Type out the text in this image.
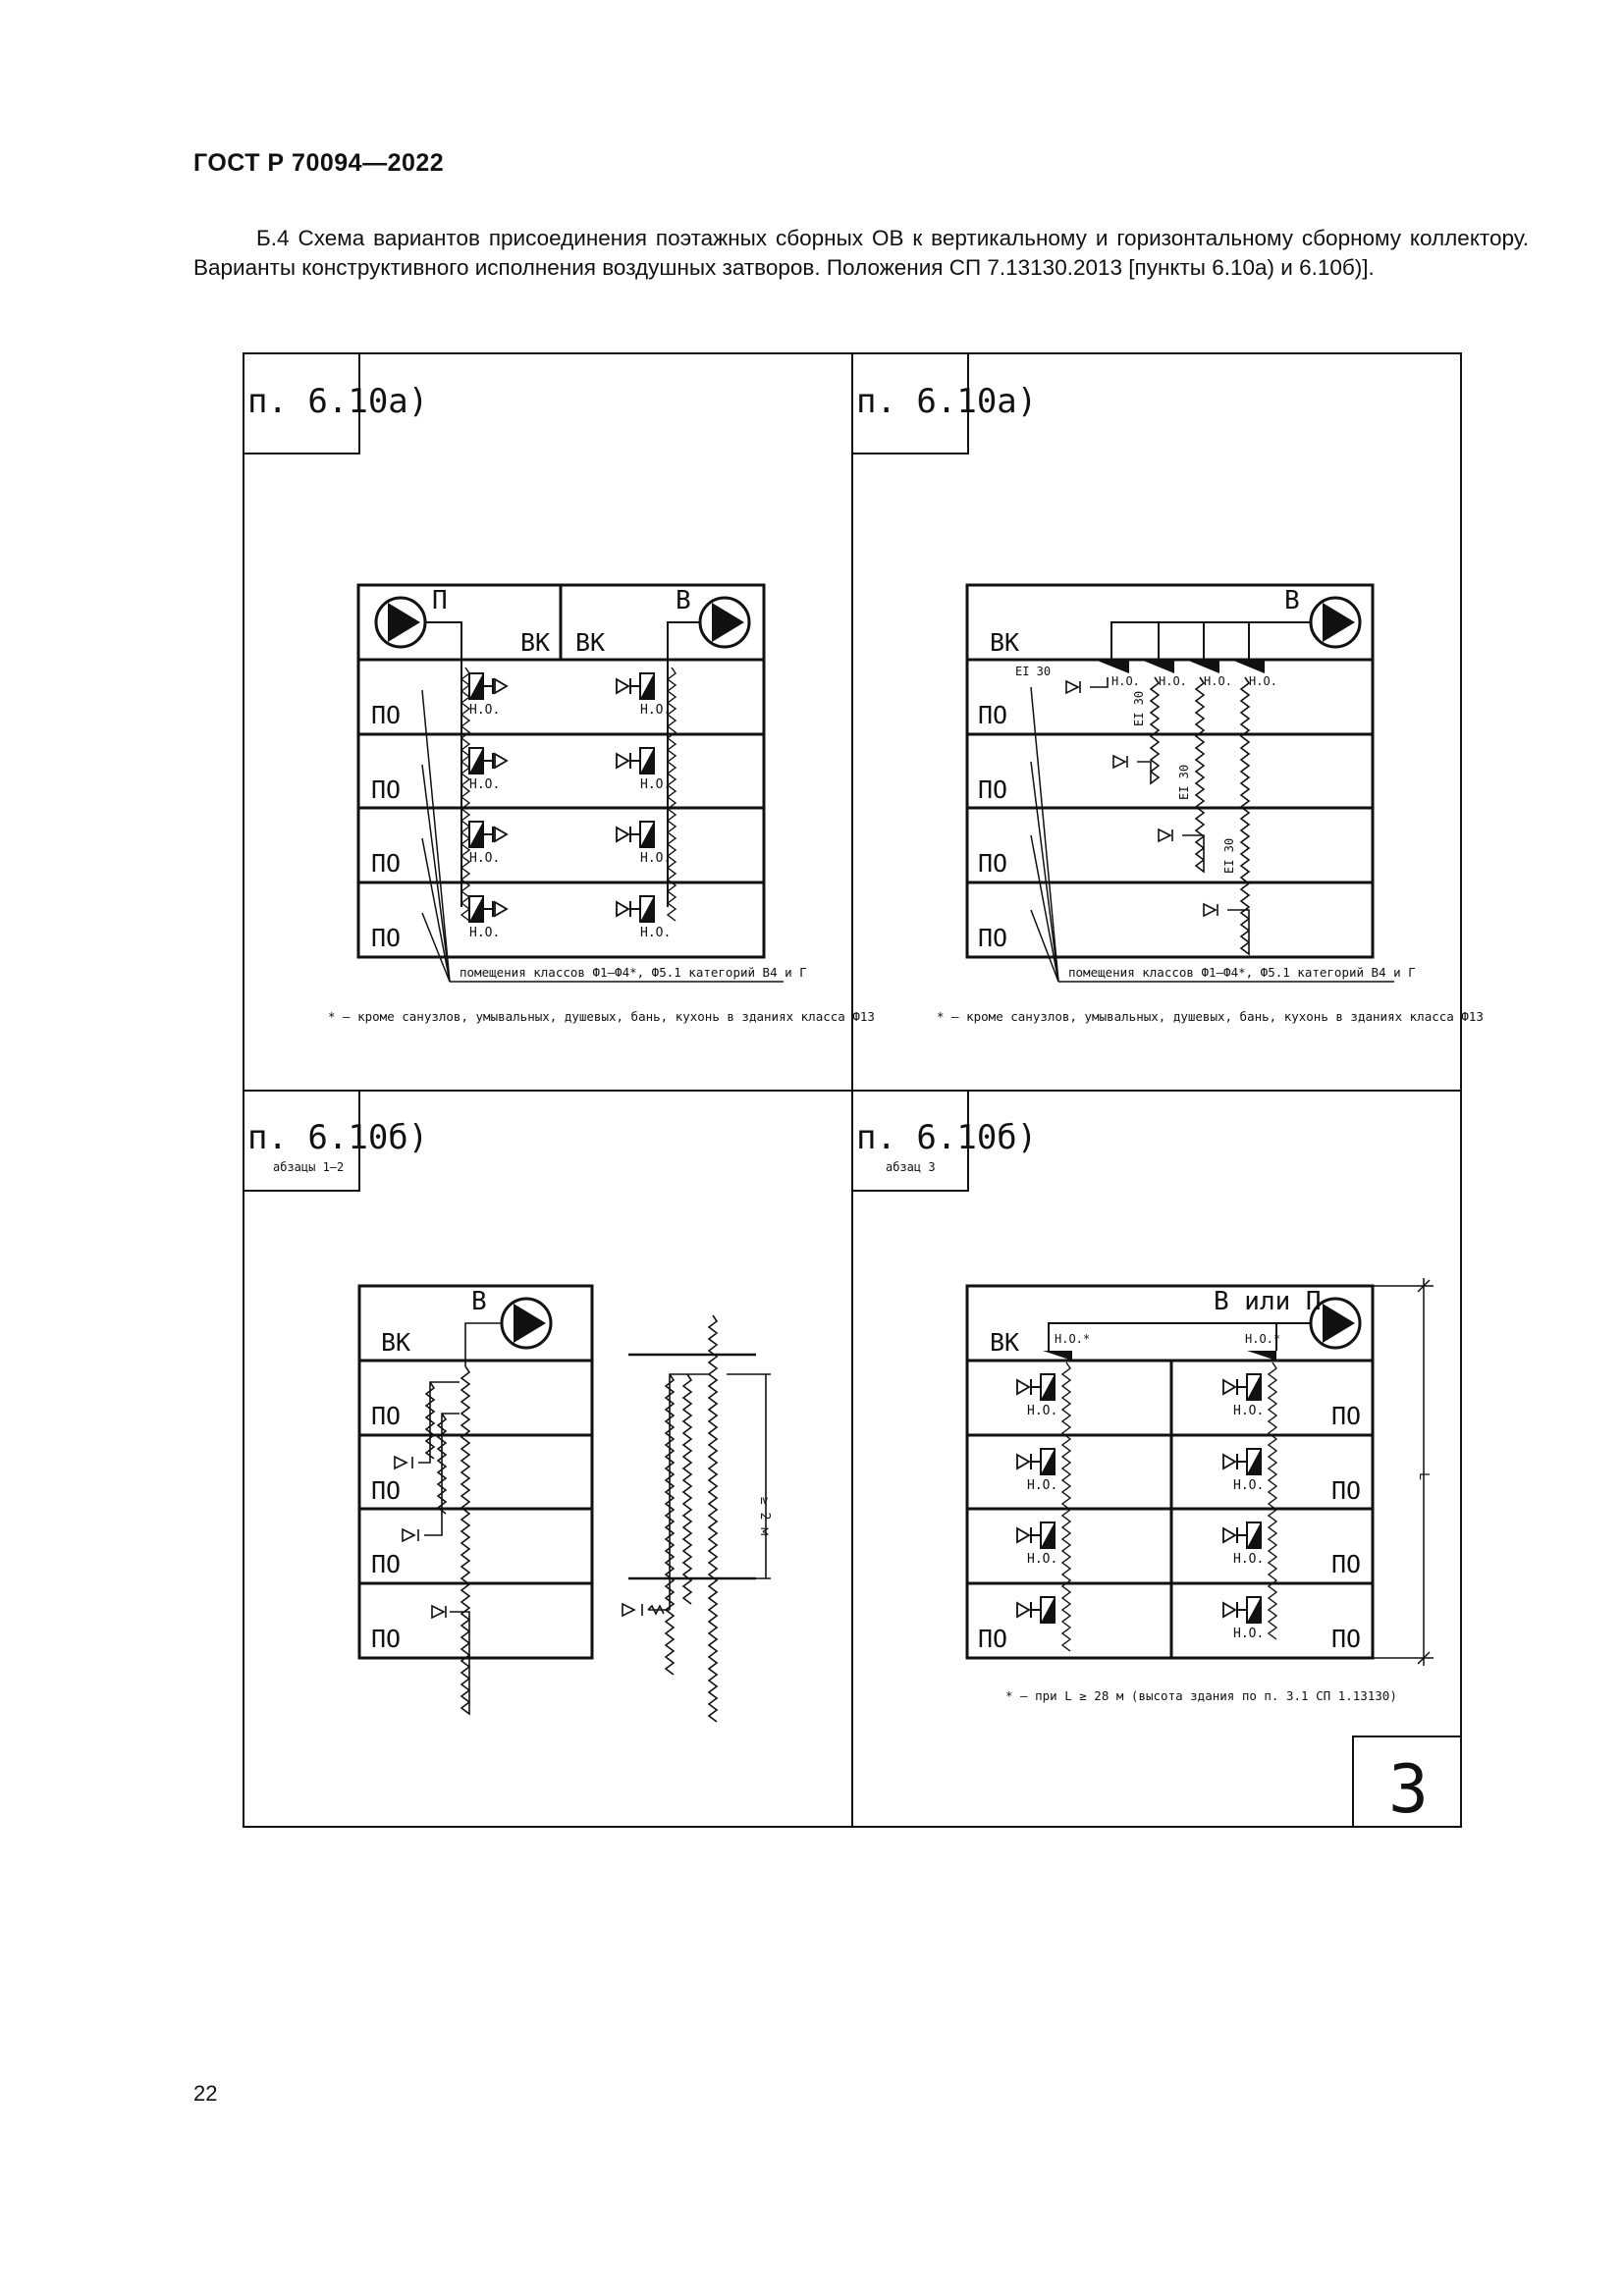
ГОСТ Р 70094—2022
Б.4 Схема вариантов присоединения поэтажных сборных ОВ к вертикальному и горизонтальному сборному коллектору. Варианты конструктивного исполнения воздушных затворов. Положения СП 7.13130.2013 [пункты 6.10а) и 6.10б)].
п. 6.10а)
П	В
ВК ВК
Н.О.	Н.О.
Н.О.	Н.О.
Н.О.	Н.О.
Н.О.	Н.О.
ПО
ПО
ПО
ПО
помещения классов Ф1–Ф4*, Ф5.1 категорий В4 и Г
* – кроме санузлов, умывальных, душевых, бань, кухонь в зданиях класса Ф13
п. 6.10а)
В
ВК
Н.О. Н.О. Н.О. Н.О.
EI 30
EI 30
EI 30
EI 30
ПО
ПО
ПО
ПО
помещения классов Ф1–Ф4*, Ф5.1 категорий В4 и Г
* – кроме санузлов, умывальных, душевых, бань, кухонь в зданиях класса Ф13
п. 6.10б)
абзацы 1–2
В
ВК
ПО
ПО
ПО
ПО
≥ 2 м
п. 6.10б)
абзац 3
В или П
ВК	Н.О.*	Н.О.*
Н.О.	Н.О.
Н.О.	Н.О.
Н.О.	Н.О.
Н.О.
ПО
ПО
ПО
ПО
ПО
L
* – при L ≥ 28 м (высота здания по п. 3.1 СП 1.13130)
3
22
